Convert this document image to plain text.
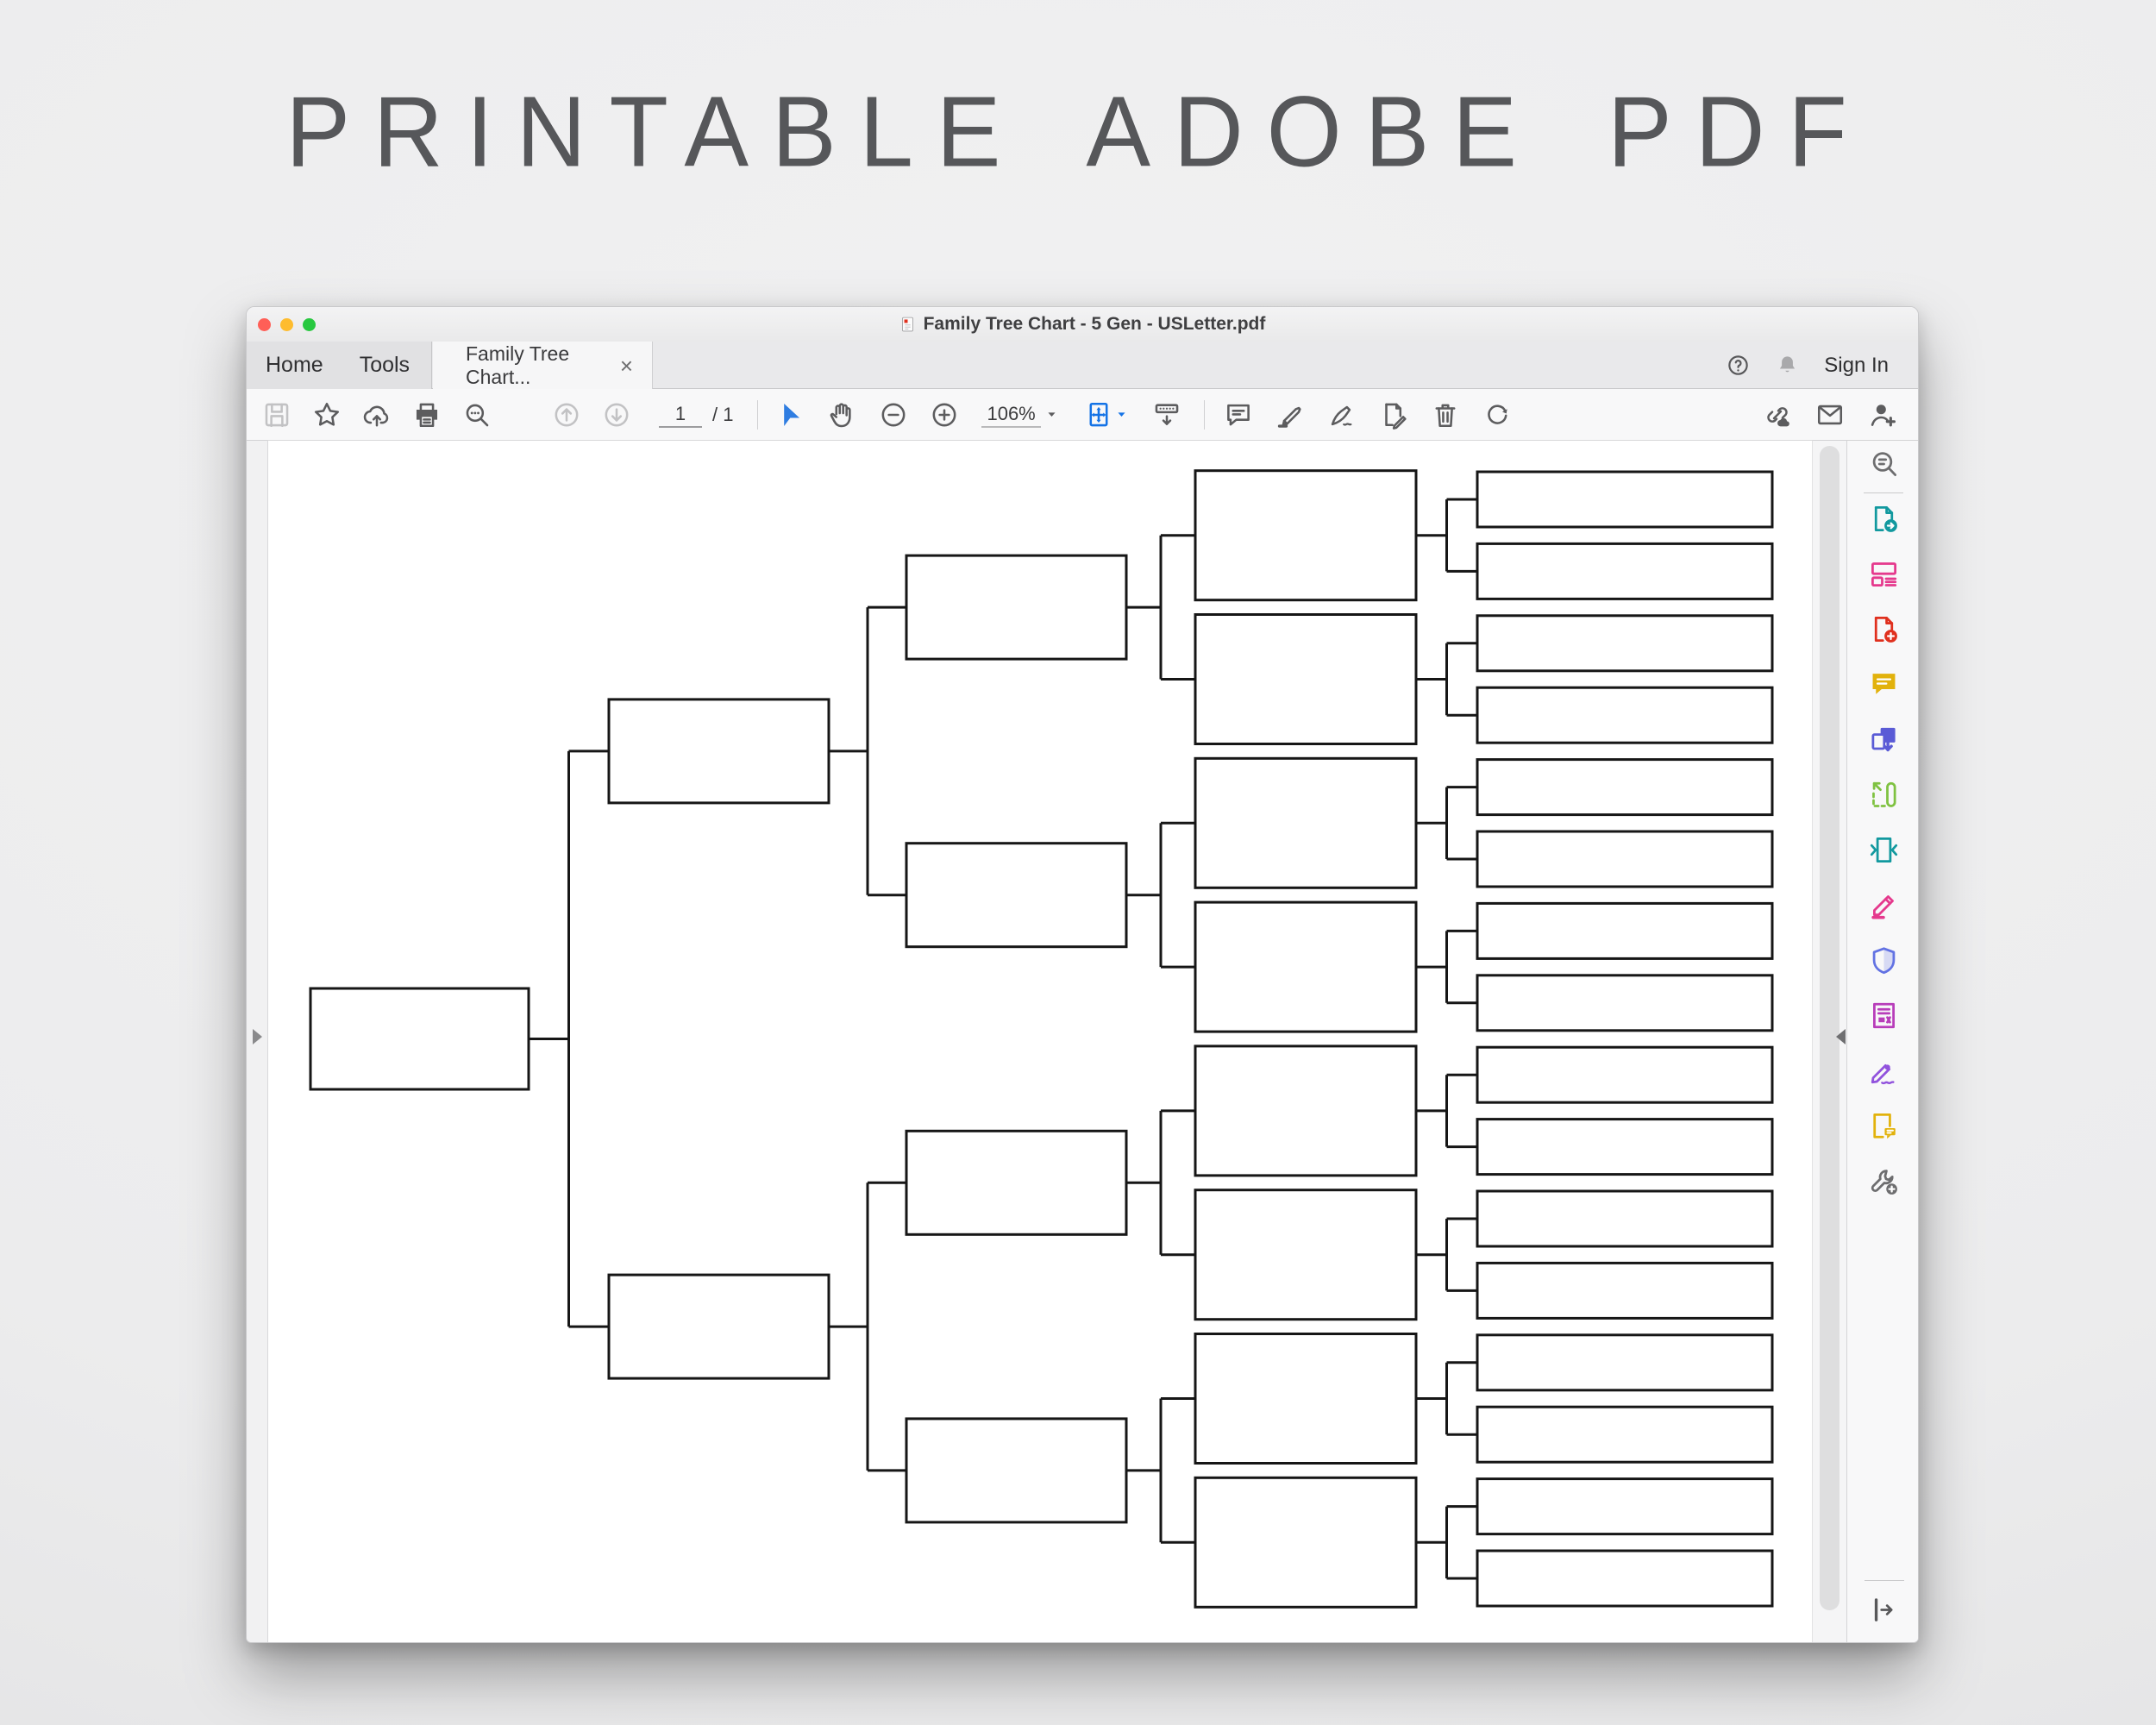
PRINTABLE ADOBE PDF
Family Tree Chart - 5 Gen - USLetter.pdf
Home Tools	Family Tree Chart...	×	Sign In
1	/ 1	106%
